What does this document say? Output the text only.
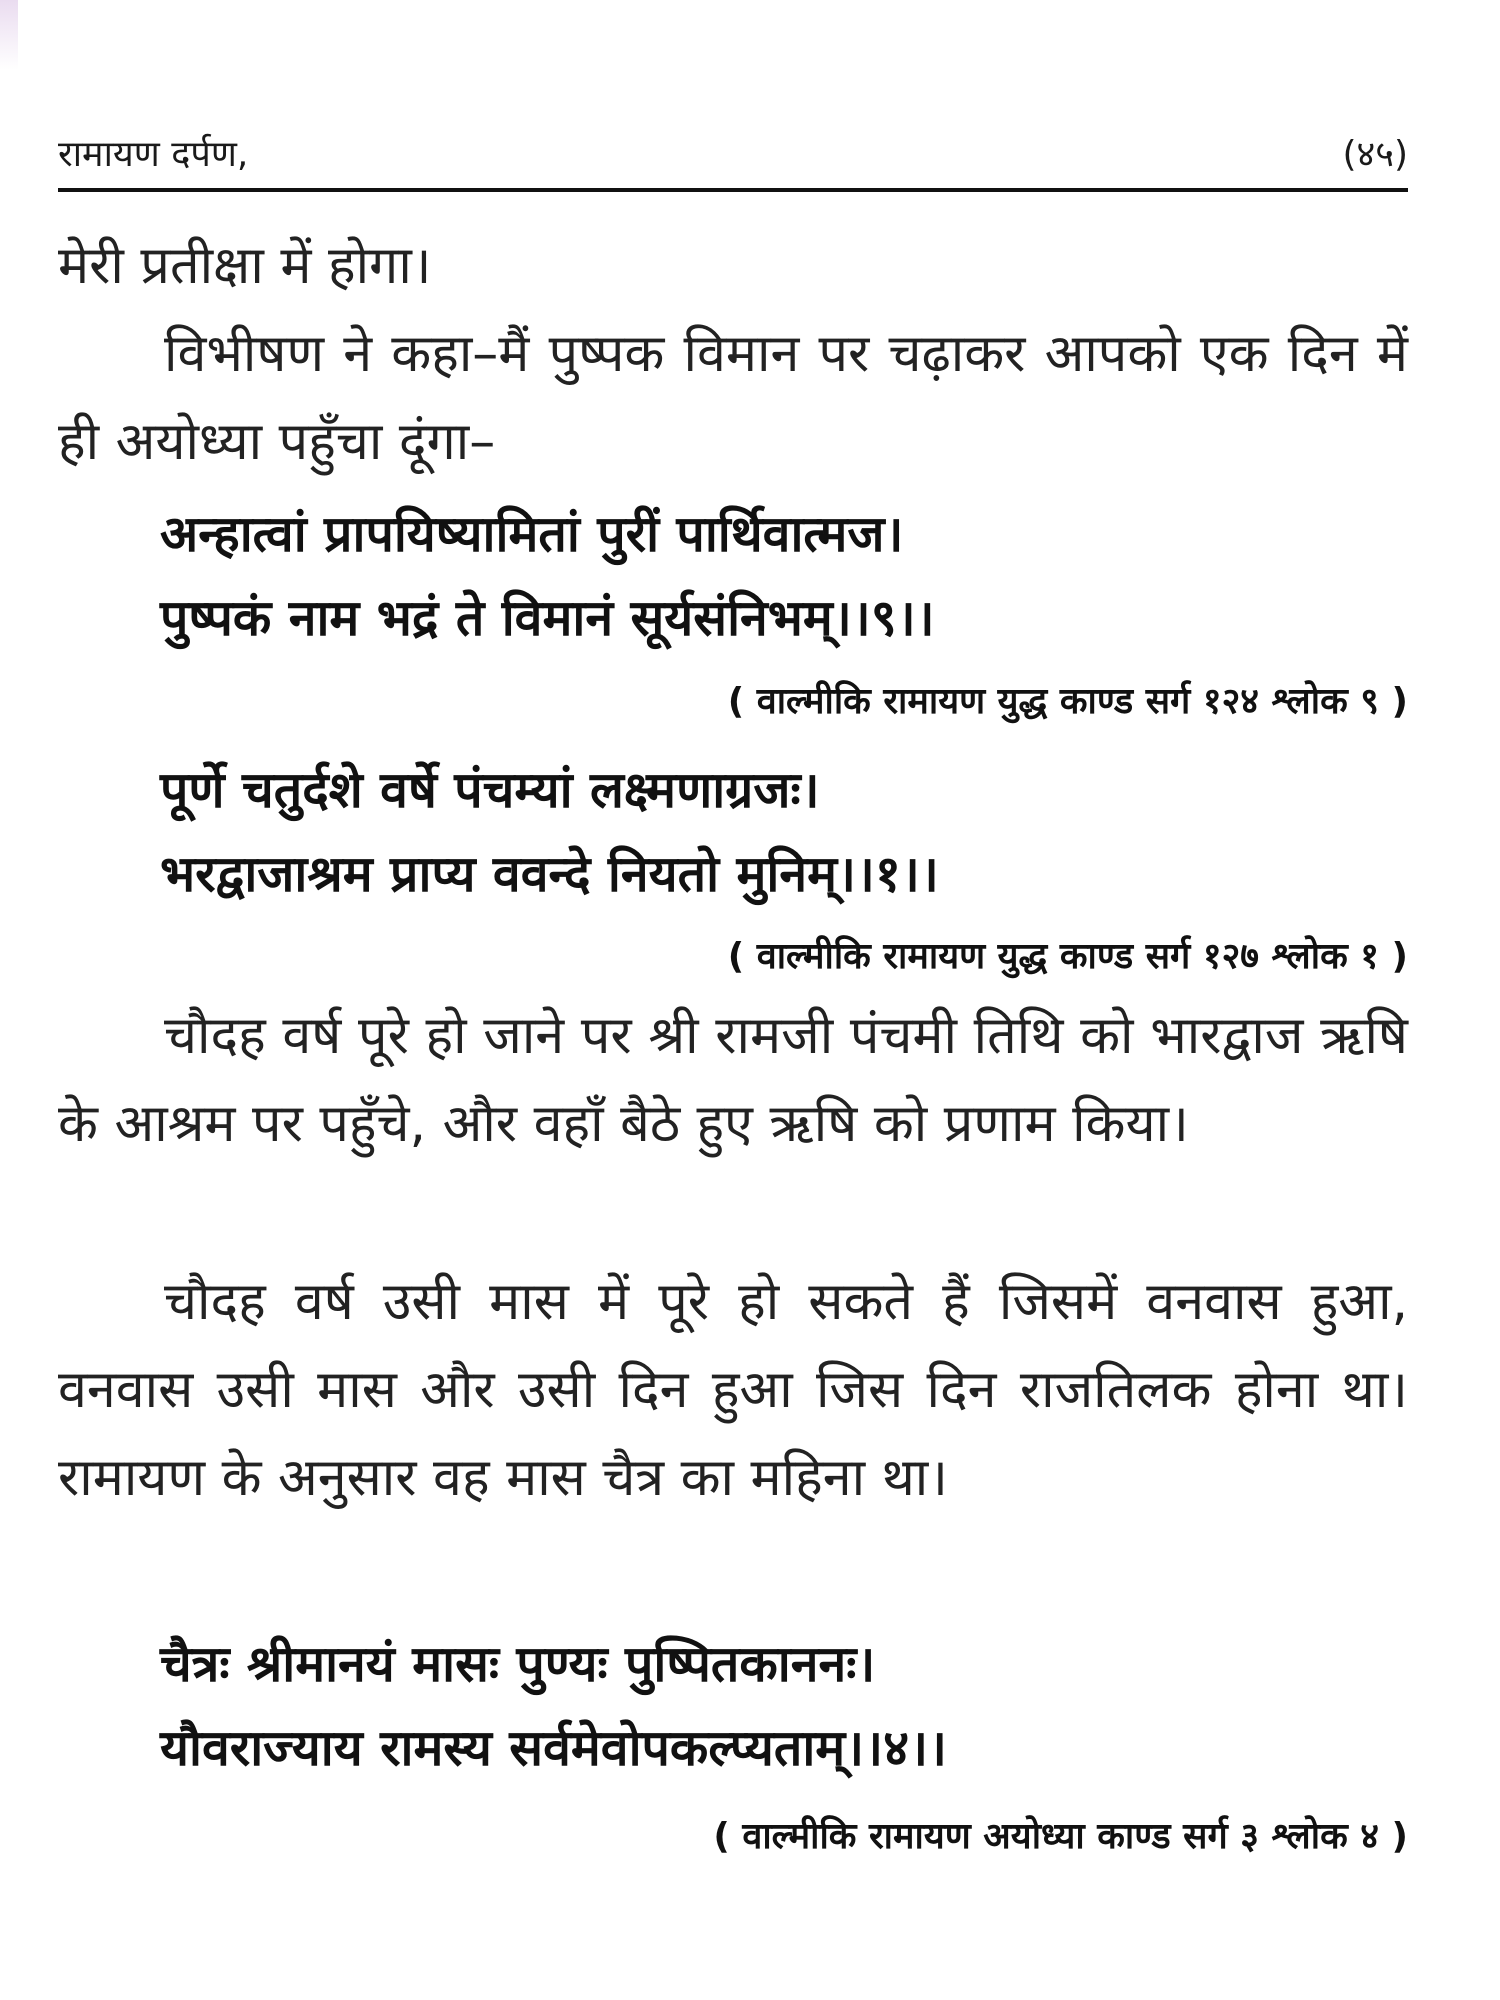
रामायण दर्पण,	(४५)
मेरी प्रतीक्षा में होगा।
विभीषण ने कहा–मैं पुष्पक विमान पर चढ़ाकर आपको एक दिन में ही अयोध्या पहुँचा दूंगा–
अन्हात्वां प्रापयिष्यामितां पुरीं पार्थिवात्मज।
पुष्पकं नाम भद्रं ते विमानं सूर्यसंनिभम्।।९।।
( वाल्मीकि रामायण युद्ध काण्ड सर्ग १२४ श्लोक ९ )
पूर्णे चतुर्दशे वर्षे पंचम्यां लक्ष्मणाग्रजः।
भरद्वाजाश्रम प्राप्य ववन्दे नियतो मुनिम्।।१।।
( वाल्मीकि रामायण युद्ध काण्ड सर्ग १२७ श्लोक १ )
चौदह वर्ष पूरे हो जाने पर श्री रामजी पंचमी तिथि को भारद्वाज ऋषि के आश्रम पर पहुँचे, और वहाँ बैठे हुए ऋषि को प्रणाम किया।
चौदह वर्ष उसी मास में पूरे हो सकते हैं जिसमें वनवास हुआ, वनवास उसी मास और उसी दिन हुआ जिस दिन राजतिलक होना था। रामायण के अनुसार वह मास चैत्र का महिना था।
चैत्रः श्रीमानयं मासः पुण्यः पुष्पितकाननः।
यौवराज्याय रामस्य सर्वमेवोपकल्प्यताम्।।४।।
( वाल्मीकि रामायण अयोध्या काण्ड सर्ग ३ श्लोक ४ )
